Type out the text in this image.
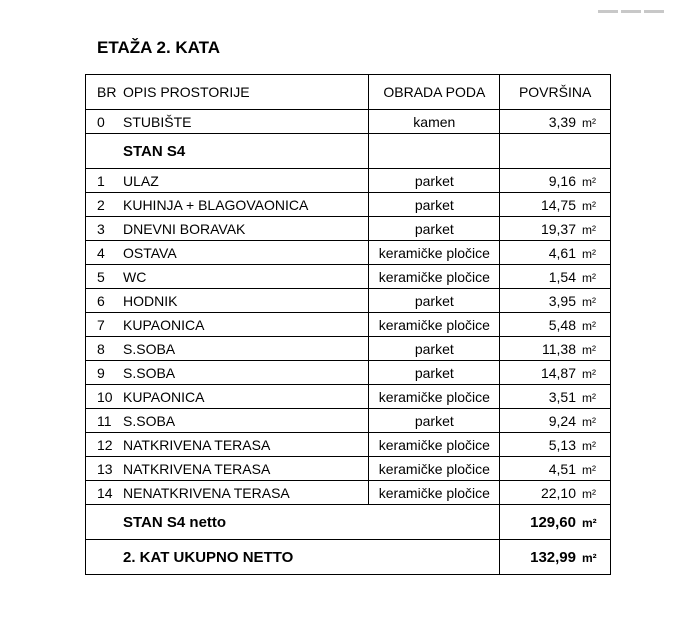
ETAŽA 2. KATA
BR OPIS PROSTORIJE	OBRADA PODA	POVRŠINA
0 STUBIŠTE	kamen	3,39 m²
STAN S4		
1 ULAZ	parket	9,16 m²
2 KUHINJA + BLAGOVAONICA	parket	14,75 m²
3 DNEVNI BORAVAK	parket	19,37 m²
4 OSTAVA	keramičke pločice	4,61 m²
5 WC	keramičke pločice	1,54 m²
6 HODNIK	parket	3,95 m²
7 KUPAONICA	keramičke pločice	5,48 m²
8 S.SOBA	parket	11,38 m²
9 S.SOBA	parket	14,87 m²
10 KUPAONICA	keramičke pločice	3,51 m²
11 S.SOBA	parket	9,24 m²
12 NATKRIVENA TERASA	keramičke pločice	5,13 m²
13 NATKRIVENA TERASA	keramičke pločice	4,51 m²
14 NENATKRIVENA TERASA	keramičke pločice	22,10 m²
STAN S4 netto		129,60 m²
2. KAT UKUPNO NETTO		132,99 m²
